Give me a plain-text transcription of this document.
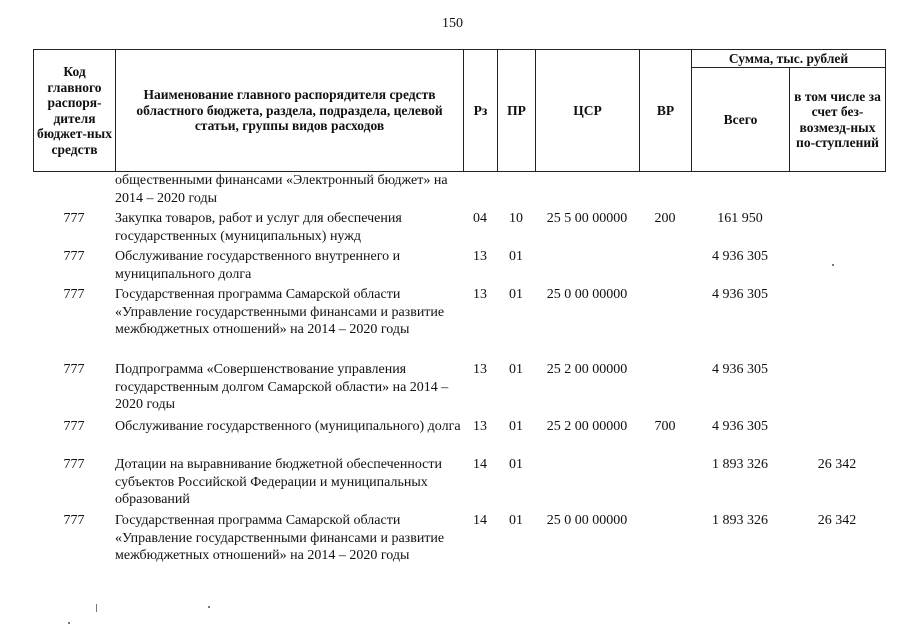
150
Код главного распоря-дителя бюджет-ных средств	Наименование главного распорядителя средств областного бюджета, раздела, подраздела, целевой статьи, группы видов расходов	Рз	ПР	ЦСР	ВР	Сумма, тыс. рублей	
						Всего	в том числе за счет без-возмезд-ных по-ступлений
	общественными финансами «Электронный бюджет» на 2014 – 2020 годы						
777	Закупка товаров, работ и услуг для обеспечения государственных (муниципальных) нужд	04	10	25 5 00 00000	200	161 950	
777	Обслуживание государственного внутреннего и муниципального долга	13	01			4 936 305	
777	Государственная программа Самарской области «Управление государственными финансами и развитие межбюджетных отношений» на 2014 – 2020 годы	13	01	25 0 00 00000		4 936 305	
777	Подпрограмма «Совершенствование управления государственным долгом Самарской области» на 2014 – 2020 годы	13	01	25 2 00 00000		4 936 305	
777	Обслуживание государственного (муниципального) долга	13	01	25 2 00 00000	700	4 936 305	
777	Дотации на выравнивание бюджетной обеспеченности субъектов Российской Федерации и муниципальных образований	14	01			1 893 326	26 342
777	Государственная программа Самарской области «Управление государственными финансами и развитие межбюджетных отношений» на 2014 – 2020 годы	14	01	25 0 00 00000		1 893 326	26 342
